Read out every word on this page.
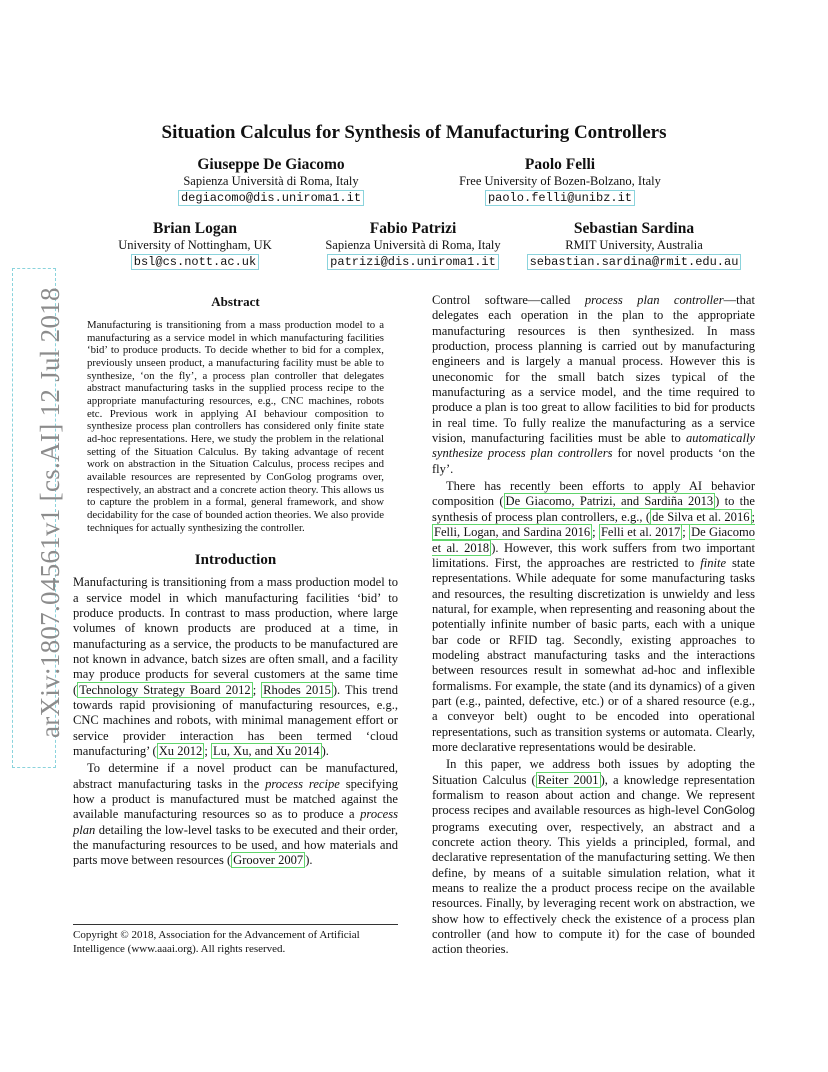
arXiv:1807.04561v1 [cs.AI] 12 Jul 2018
Situation Calculus for Synthesis of Manufacturing Controllers
Giuseppe De Giacomo
Sapienza Università di Roma, Italy
degiacomo@dis.uniroma1.it
Paolo Felli
Free University of Bozen-Bolzano, Italy
paolo.felli@unibz.it
Brian Logan
University of Nottingham, UK
bsl@cs.nott.ac.uk
Fabio Patrizi
Sapienza Università di Roma, Italy
patrizi@dis.uniroma1.it
Sebastian Sardina
RMIT University, Australia
sebastian.sardina@rmit.edu.au
Abstract

Manufacturing is transitioning from a mass production model to a manufacturing as a service model in which manufacturing facilities ‘bid’ to produce products. To decide whether to bid for a complex, previously unseen product, a manufacturing facility must be able to synthesize, ‘on the fly’, a process plan controller that delegates abstract manufacturing tasks in the supplied process recipe to the appropriate manufacturing resources, e.g., CNC machines, robots etc. Previous work in applying AI behaviour composition to synthesize process plan controllers has considered only finite state ad-hoc representations. Here, we study the problem in the relational setting of the Situation Calculus. By taking advantage of recent work on abstraction in the Situation Calculus, process recipes and available resources are represented by ConGolog programs over, respectively, an abstract and a concrete action theory. This allows us to capture the problem in a formal, general framework, and show decidability for the case of bounded action theories. We also provide techniques for actually synthesizing the controller.

Introduction

Manufacturing is transitioning from a mass production model to a service model in which manufacturing facilities ‘bid’ to produce products. In contrast to mass production, where large volumes of known products are produced at a time, in manufacturing as a service, the products to be manufactured are not known in advance, batch sizes are often small, and a facility may produce products for several customers at the same time ( Technology Strategy Board 2012 ; Rhodes 2015 ). This trend towards rapid provisioning of manufacturing resources, e.g., CNC machines and robots, with minimal management effort or service provider interaction has been termed ‘cloud manufacturing’ ( Xu 2012 ; Lu, Xu, and Xu 2014 ).

To determine if a novel product can be manufactured, abstract manufacturing tasks in the process recipe specifying how a product is manufactured must be matched against the available manufacturing resources so as to produce a process plan detailing the low-level tasks to be executed and their order, the manufacturing resources to be used, and how materials and parts move between resources ( Groover 2007 ).

Copyright © 2018, Association for the Advancement of Artificial Intelligence (www.aaai.org). All rights reserved.

Control software—called process plan controller—that delegates each operation in the plan to the appropriate manufacturing resources is then synthesized. In mass production, process planning is carried out by manufacturing engineers and is largely a manual process. However this is uneconomic for the small batch sizes typical of the manufacturing as a service model, and the time required to produce a plan is too great to allow facilities to bid for products in real time. To fully realize the manufacturing as a service vision, manufacturing facilities must be able to automatically synthesize process plan controllers for novel products ‘on the fly’.

There has recently been efforts to apply AI behavior composition ( De Giacomo, Patrizi, and Sardiña 2013 ) to the synthesis of process plan controllers, e.g., ( de Silva et al. 2016 ; Felli, Logan, and Sardina 2016 ; Felli et al. 2017 ; De Giacomo et al. 2018 ). However, this work suffers from two important limitations. First, the approaches are restricted to finite state representations. While adequate for some manufacturing tasks and resources, the resulting discretization is unwieldy and less natural, for example, when representing and reasoning about the potentially infinite number of basic parts, each with a unique bar code or RFID tag. Secondly, existing approaches to modeling abstract manufacturing tasks and the interactions between resources result in somewhat ad-hoc and inflexible formalisms. For example, the state (and its dynamics) of a given part (e.g., painted, defective, etc.) or of a shared resource (e.g., a conveyor belt) ought to be encoded into operational representations, such as transition systems or automata. Clearly, more declarative representations would be desirable.

In this paper, we address both issues by adopting the Situation Calculus ( Reiter 2001 ), a knowledge representation formalism to reason about action and change. We represent process recipes and available resources as high-level ConGolog programs executing over, respectively, an abstract and a concrete action theory. This yields a principled, formal, and declarative representation of the manufacturing setting. We then define, by means of a suitable simulation relation, what it means to realize the a product process recipe on the available resources. Finally, by leveraging recent work on abstraction, we show how to effectively check the existence of a process plan controller (and how to compute it) for the case of bounded action theories.
